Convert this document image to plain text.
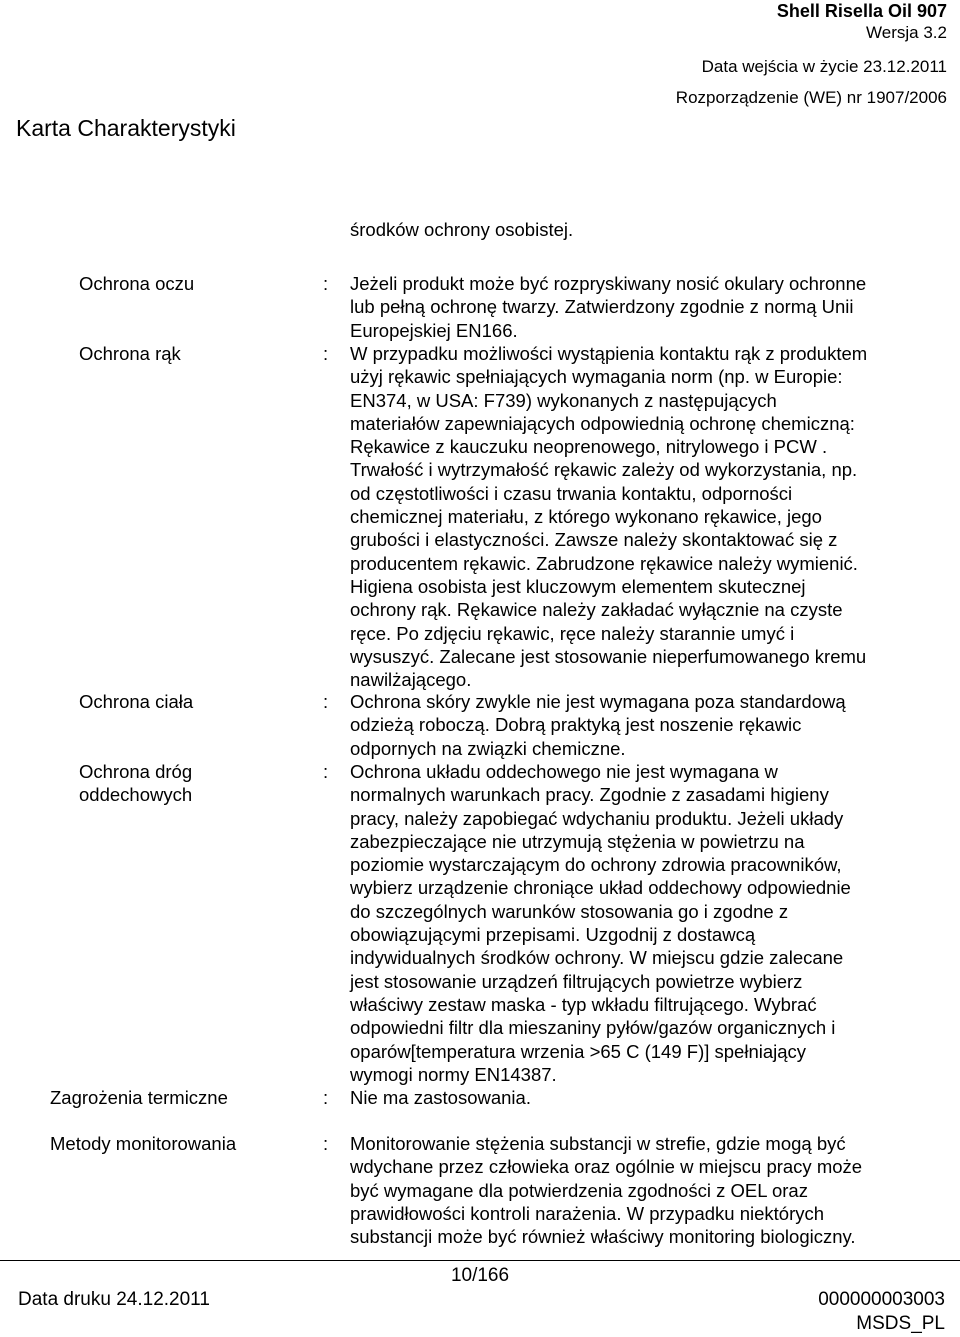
Shell Risella Oil 907
Wersja 3.2
Data wejścia w życie 23.12.2011
Rozporządzenie (WE) nr 1907/2006
Karta Charakterystyki
środków ochrony osobistej.
Ochrona oczu	: Jeżeli produkt może być rozpryskiwany nosić okulary ochronne
lub pełną ochronę twarzy. Zatwierdzony zgodnie z normą Unii
Europejskiej EN166.
Ochrona rąk	: W przypadku możliwości wystąpienia kontaktu rąk z produktem
użyj rękawic spełniających wymagania norm (np. w Europie:
EN374, w USA: F739) wykonanych z następujących
materiałów zapewniających odpowiednią ochronę chemiczną:
Rękawice z kauczuku neoprenowego, nitrylowego i PCW .
Trwałość i wytrzymałość rękawic zależy od wykorzystania, np.
od częstotliwości i czasu trwania kontaktu, odporności
chemicznej materiału, z którego wykonano rękawice, jego
grubości i elastyczności. Zawsze należy skontaktować się z
producentem rękawic. Zabrudzone rękawice należy wymienić.
Higiena osobista jest kluczowym elementem skutecznej
ochrony rąk. Rękawice należy zakładać wyłącznie na czyste
ręce. Po zdjęciu rękawic, ręce należy starannie umyć i
wysuszyć. Zalecane jest stosowanie nieperfumowanego kremu
nawilżającego.
Ochrona ciała	: Ochrona skóry zwykle nie jest wymagana poza standardową
odzieżą roboczą. Dobrą praktyką jest noszenie rękawic
odpornych na związki chemiczne.
Ochrona dróg
oddechowych
: Ochrona układu oddechowego nie jest wymagana w
normalnych warunkach pracy. Zgodnie z zasadami higieny
pracy, należy zapobiegać wdychaniu produktu. Jeżeli układy
zabezpieczające nie utrzymują stężenia w powietrzu na
poziomie wystarczającym do ochrony zdrowia pracowników,
wybierz urządzenie chroniące układ oddechowy odpowiednie
do szczególnych warunków stosowania go i zgodne z
obowiązującymi przepisami. Uzgodnij z dostawcą
indywidualnych środków ochrony. W miejscu gdzie zalecane
jest stosowanie urządzeń filtrujących powietrze wybierz
właściwy zestaw maska - typ wkładu filtrującego. Wybrać
odpowiedni filtr dla mieszaniny pyłów/gazów organicznych i
oparów[temperatura wrzenia >65 C (149 F)] spełniający
wymogi normy EN14387.
Zagrożenia termiczne	: Nie ma zastosowania.
Metody monitorowania	: Monitorowanie stężenia substancji w strefie, gdzie mogą być
wdychane przez człowieka oraz ogólnie w miejscu pracy może
być wymagane dla potwierdzenia zgodności z OEL oraz
prawidłowości kontroli narażenia. W przypadku niektórych
substancji może być również właściwy monitoring biologiczny.
10/166
Data druku 24.12.2011	000000003003
MSDS_PL
